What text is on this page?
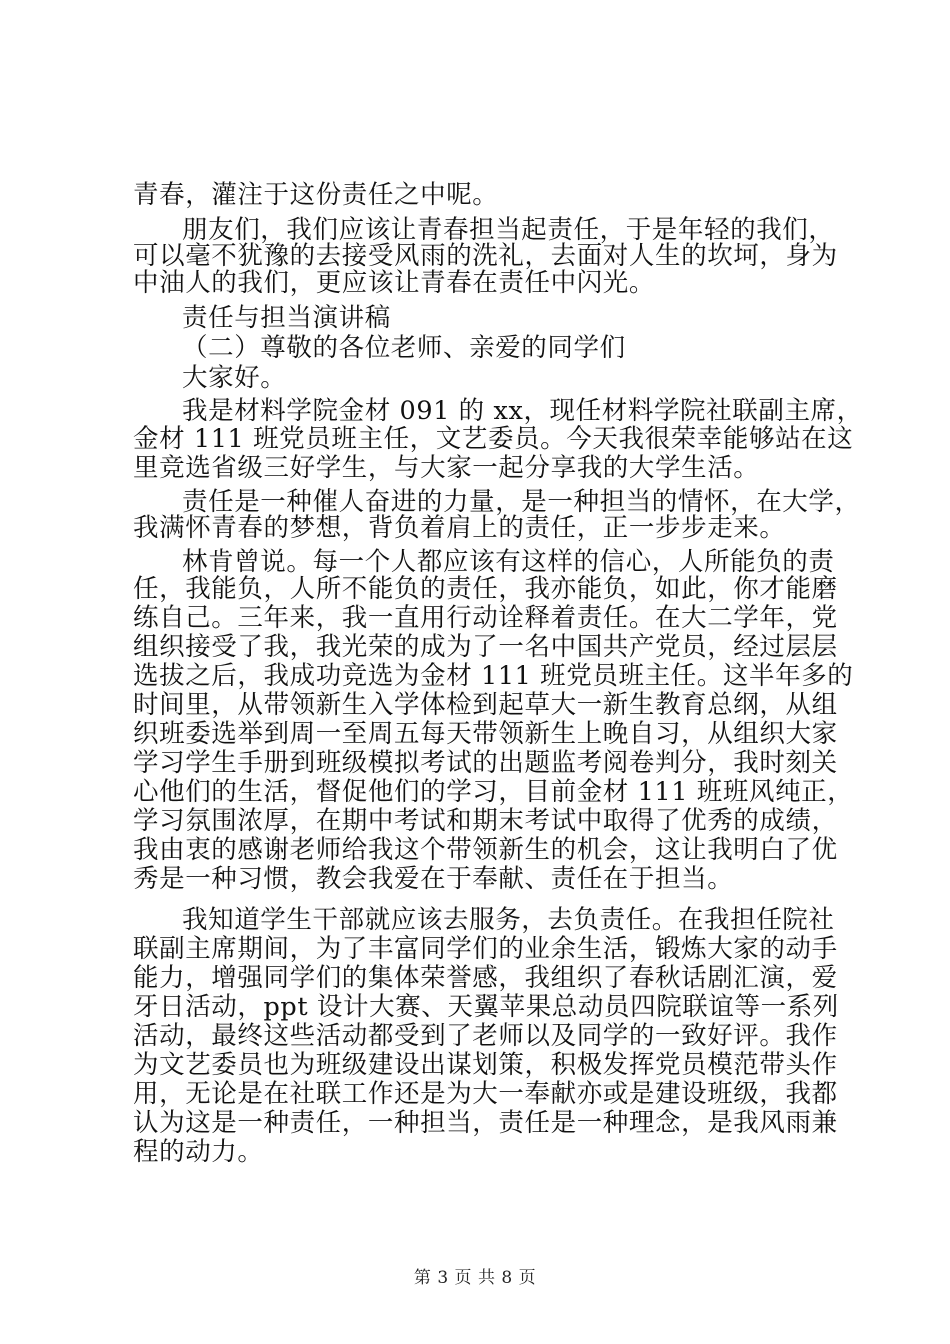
青春，灌注于这份责任之中呢。
朋友们，我们应该让青春担当起责任，于是年轻的我们，
可以毫不犹豫的去接受风雨的洗礼，去面对人生的坎坷，身为
中油人的我们，更应该让青春在责任中闪光。
责任与担当演讲稿
（二）尊敬的各位老师、亲爱的同学们
大家好。
我是材料学院金材 091 的 xx，现任材料学院社联副主席，
金材 111 班党员班主任，文艺委员。今天我很荣幸能够站在这
里竞选省级三好学生，与大家一起分享我的大学生活。
责任是一种催人奋进的力量，是一种担当的情怀，在大学，
我满怀青春的梦想，背负着肩上的责任，正一步步走来。
林肯曾说。每一个人都应该有这样的信心，人所能负的责
任，我能负，人所不能负的责任，我亦能负，如此，你才能磨
练自己。三年来，我一直用行动诠释着责任。在大二学年，党
组织接受了我，我光荣的成为了一名中国共产党员，经过层层
选拔之后，我成功竞选为金材 111 班党员班主任。这半年多的
时间里，从带领新生入学体检到起草大一新生教育总纲，从组
织班委选举到周一至周五每天带领新生上晚自习，从组织大家
学习学生手册到班级模拟考试的出题监考阅卷判分，我时刻关
心他们的生活，督促他们的学习，目前金材 111 班班风纯正，
学习氛围浓厚，在期中考试和期末考试中取得了优秀的成绩，
我由衷的感谢老师给我这个带领新生的机会，这让我明白了优
秀是一种习惯，教会我爱在于奉献、责任在于担当。
我知道学生干部就应该去服务，去负责任。在我担任院社
联副主席期间，为了丰富同学们的业余生活，锻炼大家的动手
能力，增强同学们的集体荣誉感，我组织了春秋话剧汇演，爱
牙日活动，ppt 设计大赛、天翼苹果总动员四院联谊等一系列
活动，最终这些活动都受到了老师以及同学的一致好评。我作
为文艺委员也为班级建设出谋划策，积极发挥党员模范带头作
用，无论是在社联工作还是为大一奉献亦或是建设班级，我都
认为这是一种责任，一种担当，责任是一种理念，是我风雨兼
程的动力。
第 3 页 共 8 页
